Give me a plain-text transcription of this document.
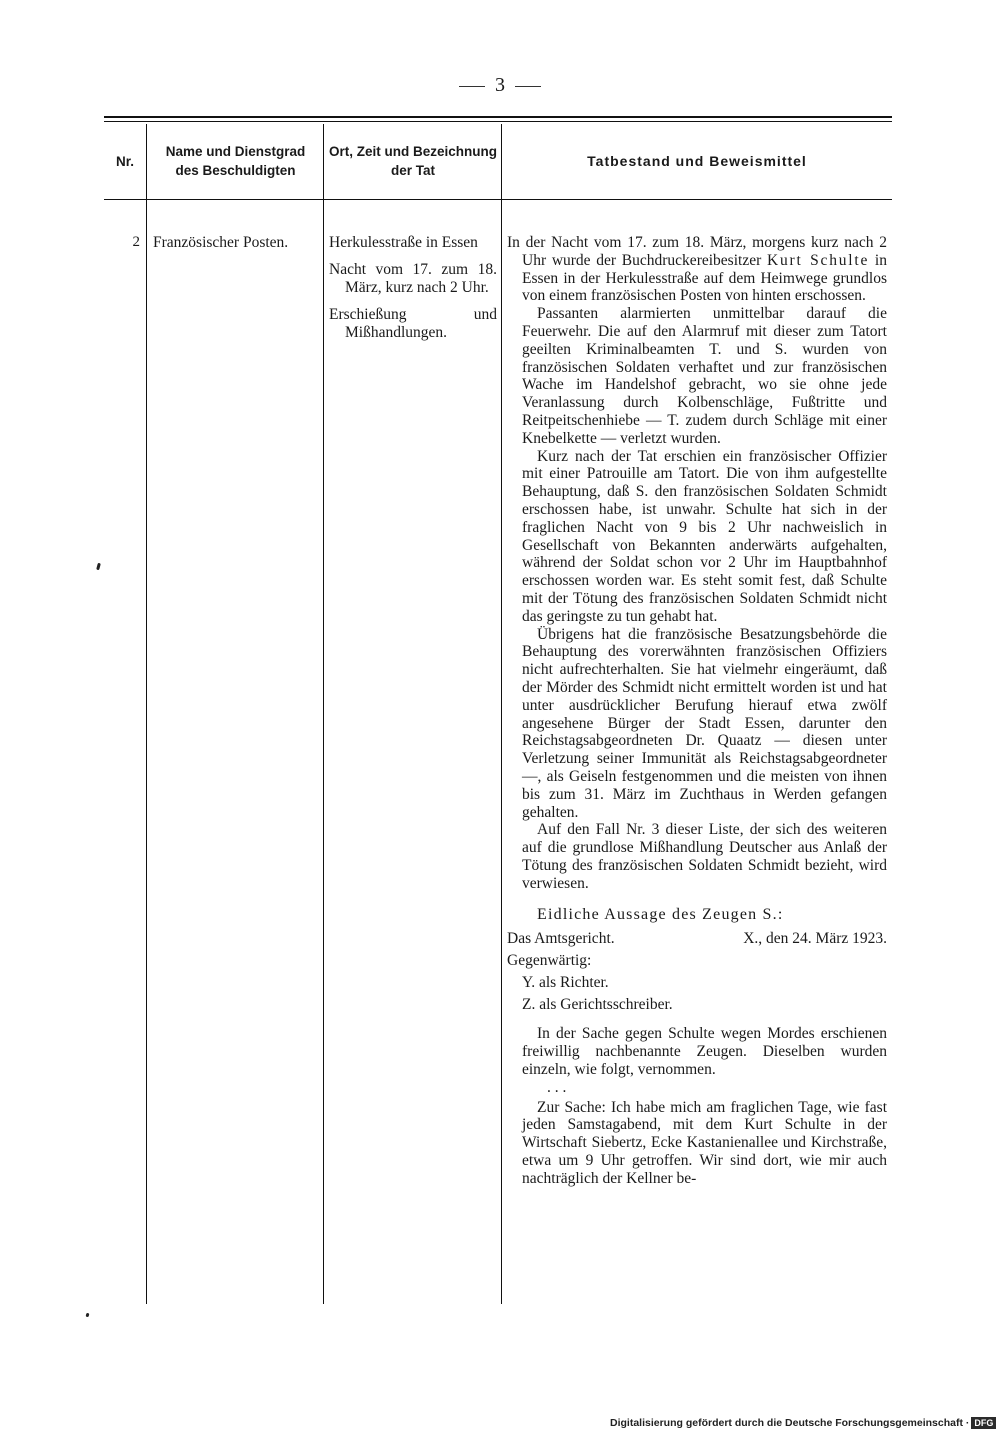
3
Nr.
Name und Dienstgrad
des Beschuldigten
Ort, Zeit und Bezeichnung
der Tat
Tatbestand und Beweismittel
2 Französischer Posten.	Herkulesstraße in Essen

Nacht vom 17. zum 18. März, kurz nach 2 Uhr.

Erschießung und Mißhandlungen.

In der Nacht vom 17. zum 18. März, morgens kurz nach 2 Uhr wurde der Buchdruckereibesitzer Kurt Schulte in Essen in der Herkulesstraße auf dem Heimwege grundlos von einem französischen Posten von hinten erschossen.

Passanten alarmierten unmittelbar darauf die Feuerwehr. Die auf den Alarmruf mit dieser zum Tatort geeilten Kriminalbeamten T. und S. wurden von französischen Soldaten verhaftet und zur französischen Wache im Handelshof gebracht, wo sie ohne jede Veranlassung durch Kolbenschläge, Fußtritte und Reitpeitschenhiebe — T. zudem durch Schläge mit einer Knebelkette — verletzt wurden.

Kurz nach der Tat erschien ein französischer Offizier mit einer Patrouille am Tatort. Die von ihm aufgestellte Behauptung, daß S. den französischen Soldaten Schmidt erschossen habe, ist unwahr. Schulte hat sich in der fraglichen Nacht von 9 bis 2 Uhr nachweislich in Gesellschaft von Bekannten anderwärts aufgehalten, während der Soldat schon vor 2 Uhr im Hauptbahnhof erschossen worden war. Es steht somit fest, daß Schulte mit der Tötung des französischen Soldaten Schmidt nicht das geringste zu tun gehabt hat.

Übrigens hat die französische Besatzungsbehörde die Behauptung des vorerwähnten französischen Offiziers nicht aufrechterhalten. Sie hat vielmehr eingeräumt, daß der Mörder des Schmidt nicht ermittelt worden ist und hat unter ausdrücklicher Berufung hierauf etwa zwölf angesehene Bürger der Stadt Essen, darunter den Reichstagsabgeordneten Dr. Quaatz — diesen unter Verletzung seiner Immunität als Reichstagsabgeordneter —, als Geiseln festgenommen und die meisten von ihnen bis zum 31. März im Zuchthaus in Werden gefangen gehalten.

Auf den Fall Nr. 3 dieser Liste, der sich des weiteren auf die grundlose Mißhandlung Deutscher aus Anlaß der Tötung des französischen Soldaten Schmidt bezieht, wird verwiesen.

Eidliche Aussage des Zeugen S.:

Das Amtsgericht.	X., den 24. März 1923.

Gegenwärtig:

Y. als Richter.

Z. als Gerichtsschreiber.

In der Sache gegen Schulte wegen Mordes erschienen freiwillig nachbenannte Zeugen. Dieselben wurden einzeln, wie folgt, vernommen.

. . .

Zur Sache: Ich habe mich am fraglichen Tage, wie fast jeden Samstagabend, mit dem Kurt Schulte in der Wirtschaft Siebertz, Ecke Kastanienallee und Kirchstraße, etwa um 9 Uhr getroffen. Wir sind dort, wie mir auch nachträglich der Kellner be-

Digitalisierung gefördert durch die Deutsche Forschungsgemeinschaft · DFG
